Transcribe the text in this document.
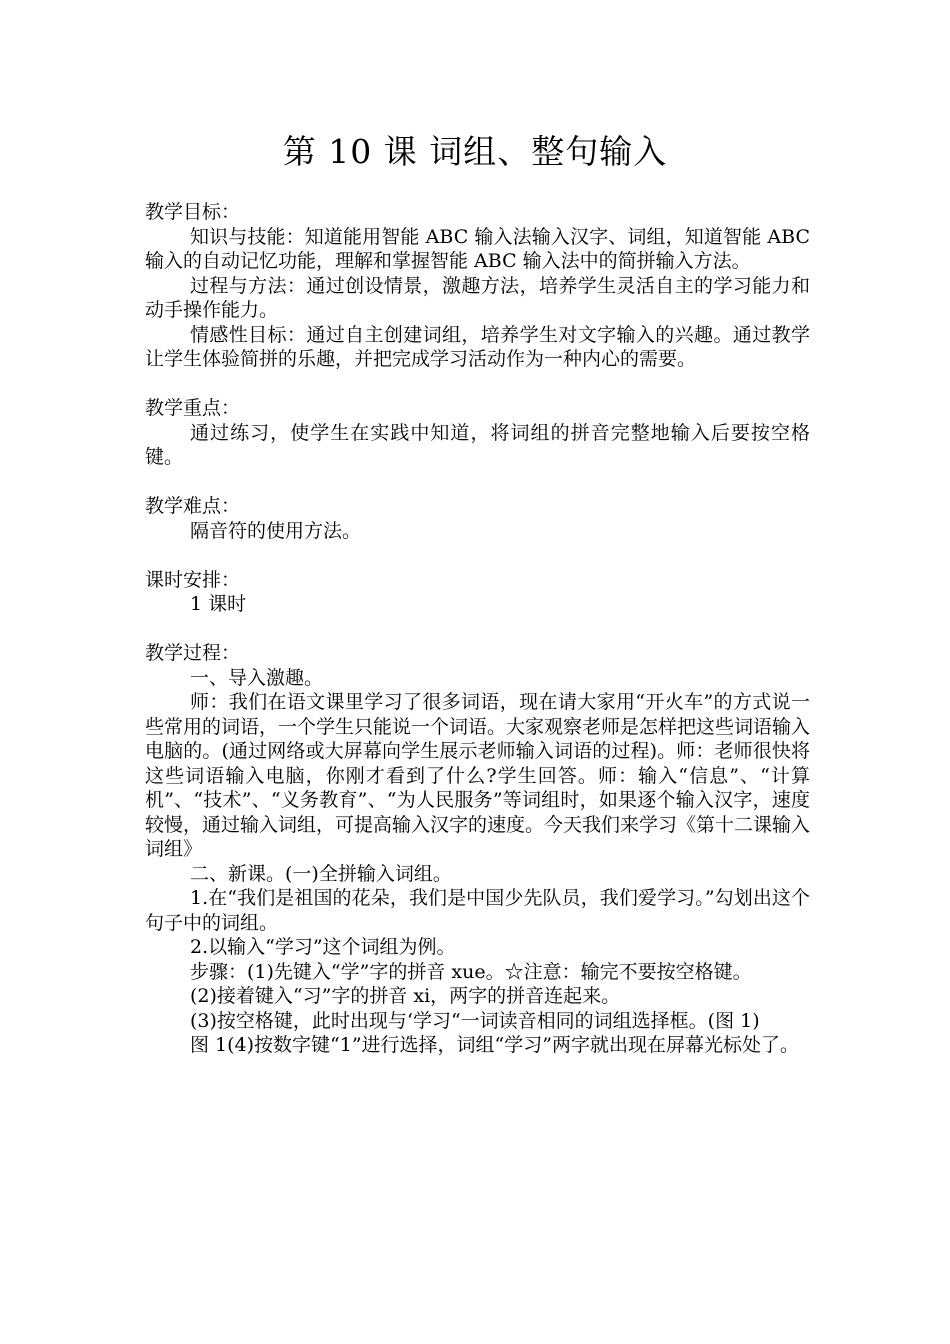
第 10 课 词组、整句输入

教学目标：

知识与技能：知道能用智能 ABC 输入法输入汉字、词组，知道智能 ABC 输入的自动记忆功能，理解和掌握智能 ABC 输入法中的简拼输入方法。

过程与方法：通过创设情景，激趣方法，培养学生灵活自主的学习能力和动手操作能力。

情感性目标：通过自主创建词组，培养学生对文字输入的兴趣。通过教学让学生体验简拼的乐趣，并把完成学习活动作为一种内心的需要。

教学重点：

通过练习，使学生在实践中知道，将词组的拼音完整地输入后要按空格键。

教学难点：

隔音符的使用方法。

课时安排：

1 课时

教学过程：

一、导入激趣。

师：我们在语文课里学习了很多词语，现在请大家用“开火车”的方式说一些常用的词语，一个学生只能说一个词语。大家观察老师是怎样把这些词语输入电脑的。(通过网络或大屏幕向学生展示老师输入词语的过程)。师：老师很快将这些词语输入电脑，你刚才看到了什么?学生回答。师：输入“信息”、“计算机”、“技术”、“义务教育”、“为人民服务”等词组时，如果逐个输入汉字，速度较慢，通过输入词组，可提高输入汉字的速度。今天我们来学习《第十二课输入词组》

二、新课。(一)全拼输入词组。

1.在“我们是祖国的花朵，我们是中国少先队员，我们爱学习。”勾划出这个句子中的词组。

2.以输入“学习”这个词组为例。

步骤：(1)先键入“学”字的拼音 xue。☆注意：输完不要按空格键。

(2)接着键入“习”字的拼音 xi，两字的拼音连起来。

(3)按空格键，此时出现与‘学习“一词读音相同的词组选择框。(图 1)

图 1(4)按数字键“1”进行选择，词组“学习”两字就出现在屏幕光标处了。
